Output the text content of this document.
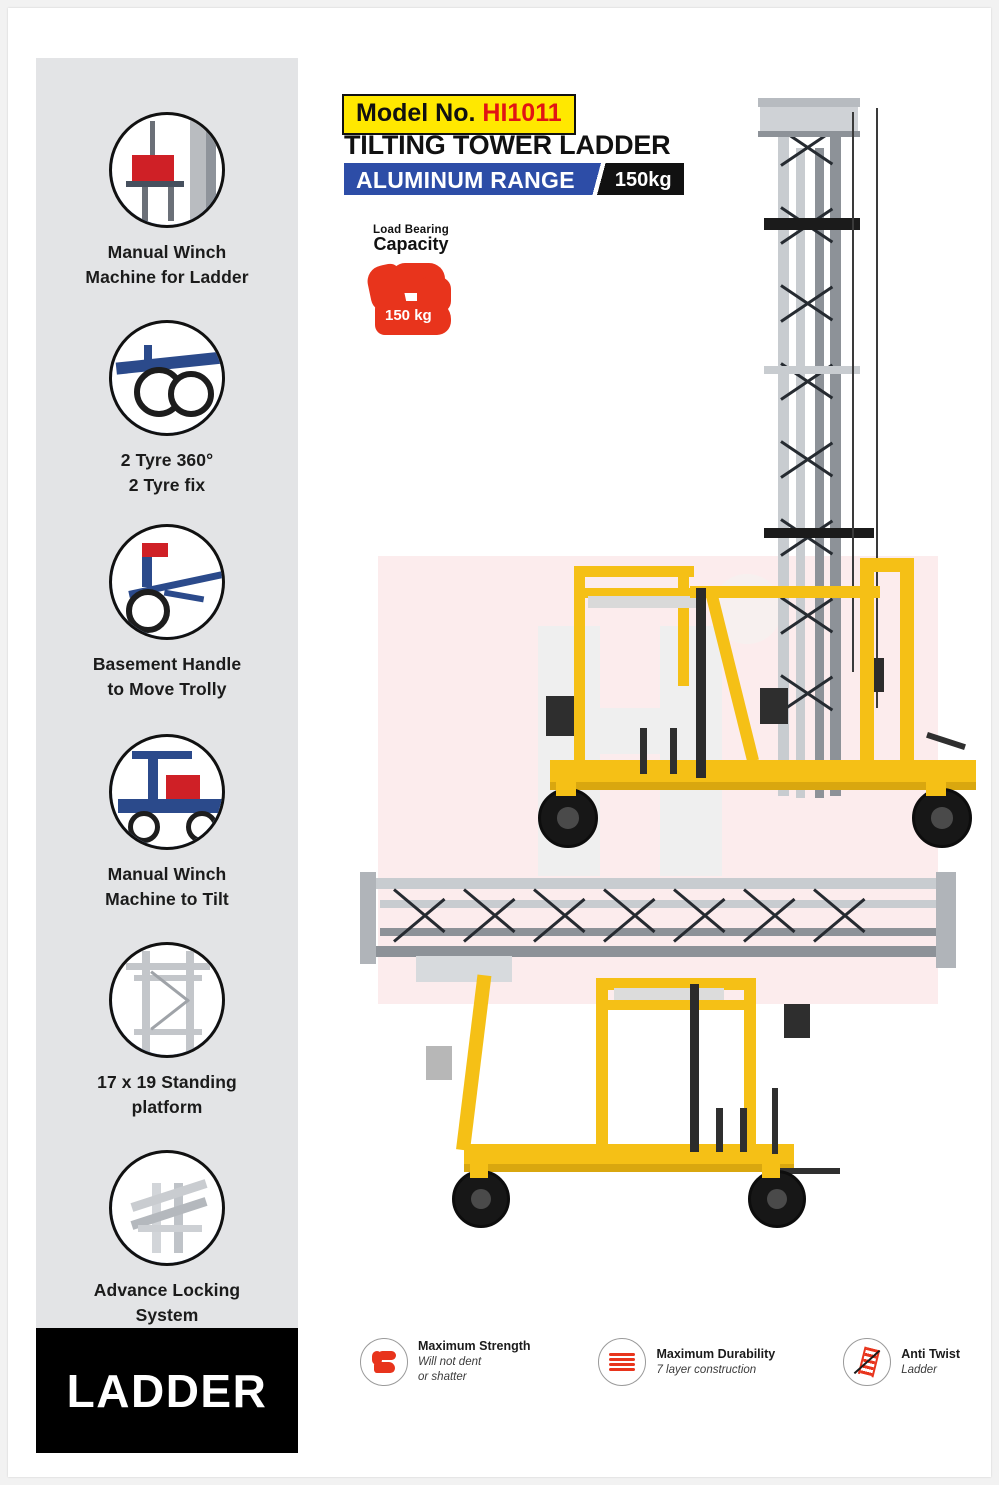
Manual Winch
Machine for Ladder
2 Tyre 360°
2 Tyre fix
Basement Handle
to Move Trolly
Manual Winch
Machine to Tilt
17 x 19 Standing
platform
Advance Locking
System
LADDER
Model No. HI1011
TILTING TOWER LADDER
ALUMINUM RANGE	150kg
Load Bearing
Capacity
150 kg
Maximum Strength
Will not dent
or shatter
Maximum Durability
7 layer construction
Anti Twist
Ladder
